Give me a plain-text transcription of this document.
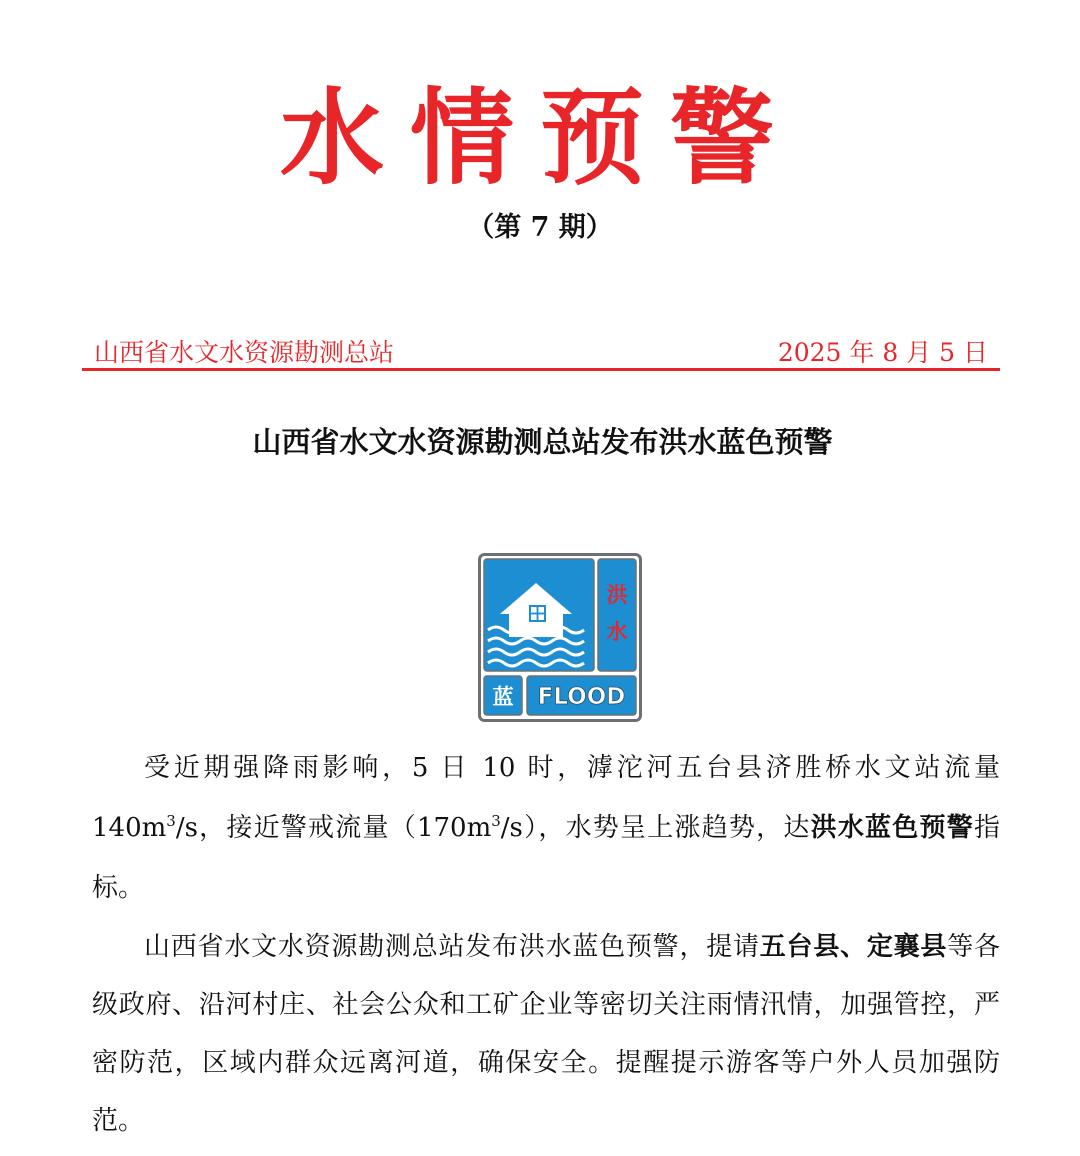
水情预警
（第 7 期）
山西省水文水资源勘测总站	2025 年 8 月 5 日
山西省水文水资源勘测总站发布洪水蓝色预警
洪
水
蓝 FLOOD

受近期强降雨影响，5 日 10 时，滹沱河五台县济胜桥水文站流量 $140m^3/s$，接近警戒流量$(170m^3/s)$，水势呈上涨趋势，达洪水蓝色预警指标。

山西省水文水资源勘测总站发布洪水蓝色预警，提请五台县、定襄县等各级政府、沿河村庄、社会公众和工矿企业等密切关注雨情汛情，加强管控，严密防范，区域内群众远离河道，确保安全。提醒提示游客等户外人员加强防范。
